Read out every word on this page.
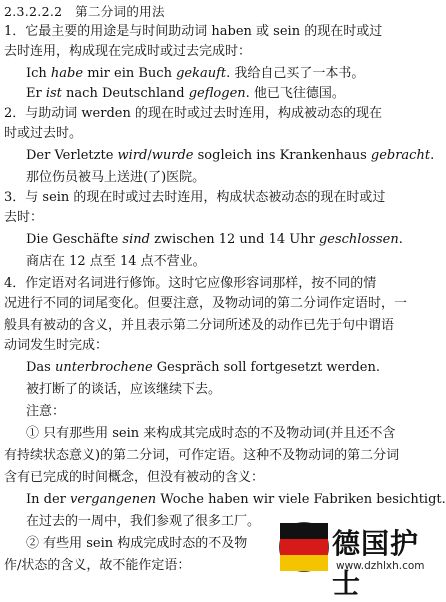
2.3.2.2.2　第二分词的用法
1．它最主要的用途是与时间助动词 haben 或 sein 的现在时或过
去时连用，构成现在完成时或过去完成时：
Ich habe mir ein Buch gekauft. 我给自己买了一本书。
Er ist nach Deutschland geflogen. 他已飞往德国。
2．与助动词 werden 的现在时或过去时连用，构成被动态的现在
时或过去时。
Der Verletzte wird/wurde sogleich ins Krankenhaus gebracht.
那位伤员被马上送进(了)医院。
3．与 sein 的现在时或过去时连用，构成状态被动态的现在时或过
去时：
Die Geschäfte sind zwischen 12 und 14 Uhr geschlossen.
商店在 12 点至 14 点不营业。
4．作定语对名词进行修饰。这时它应像形容词那样，按不同的情
况进行不同的词尾变化。但要注意，及物动词的第二分词作定语时，一
般具有被动的含义，并且表示第二分词所述及的动作已先于句中谓语
动词发生时完成：
Das unterbrochene Gespräch soll fortgesetzt werden.
被打断了的谈话，应该继续下去。
注意：
① 只有那些用 sein 来构成其完成时态的不及物动词(并且还不含
有持续状态意义)的第二分词，可作定语。这种不及物动词的第二分词
含有已完成的时间概念，但没有被动的含义：
In der vergangenen Woche haben wir viele Fabriken besichtigt.
在过去的一周中，我们参观了很多工厂。
② 有些用 sein 构成完成时态的不及物
作/状态的含义，故不能作定语：
德国护士
www.dzhlxh.com
